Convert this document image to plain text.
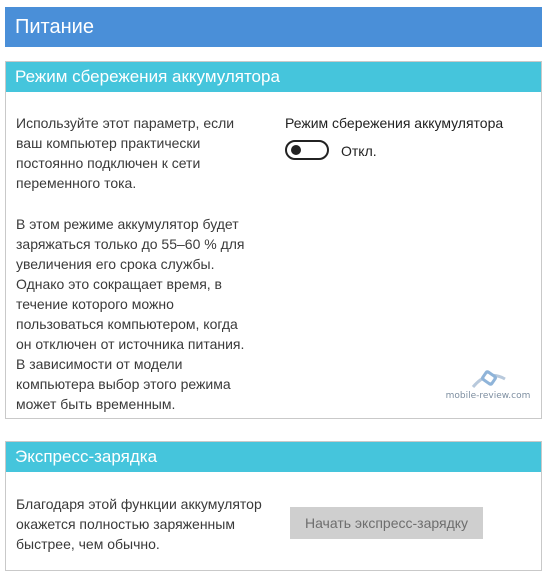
Питание
Режим сбережения аккумулятора
Используйте этот параметр, если
ваш компьютер практически
постоянно подключен к сети
переменного тока.
В этом режиме аккумулятор будет
заряжаться только до 55–60 % для
увеличения его срока службы.
Однако это сокращает время, в
течение которого можно
пользоваться компьютером, когда
он отключен от источника питания.
В зависимости от модели
компьютера выбор этого режима
может быть временным.
Режим сбережения аккумулятора
Откл.
mobile-review.com
Экспресс-зарядка
Благодаря этой функции аккумулятор
окажется полностью заряженным
быстрее, чем обычно.
Начать экспресс-зарядку
